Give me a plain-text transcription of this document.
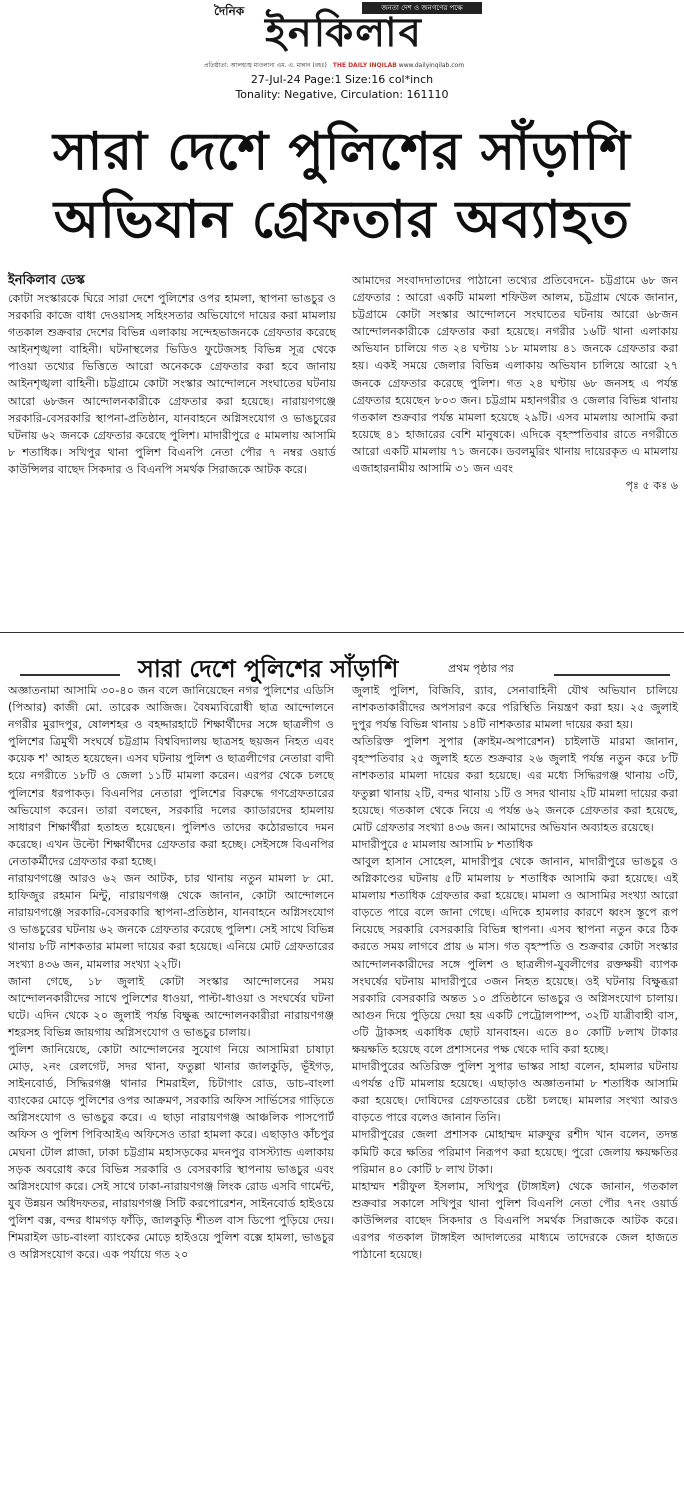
দৈনিক	জনতা দেশ ও জনগণের পক্ষে
ইনকিলাব
প্রতিষ্ঠাতা: আলহাজ্ব মাওলানা এম. এ. মান্নান (রহঃ) THE DAILY INQILAB www.dailyinqilab.com
27-Jul-24 Page:1 Size:16 col*inch
Tonality: Negative, Circulation: 161110
সারা দেশে পুলিশের সাঁড়াশি
অভিযান গ্রেফতার অব্যাহত
ইনকিলাব ডেস্ক

কোটা সংস্কারকে ঘিরে সারা দেশে পুলিশের ওপর হামলা, স্থাপনা ভাঙচুর ও সরকারি কাজে বাধা দেওয়াসহ সহিংসতার অভিযোগে দায়ের করা মামলায় গতকাল শুক্রবার দেশের বিভিন্ন এলাকায় সন্দেহভাজনকে গ্রেফতার করেছে আইনশৃঙ্খলা বাহিনী। ঘটনাস্থলের ভিডিও ফুটেজসহ বিভিন্ন সূত্র থেকে পাওয়া তথ্যের ভিত্তিতে আরো অনেককে গ্রেফতার করা হবে জানায় আইনশৃঙ্খলা বাহিনী। চট্টগ্রামে কোটা সংস্কার আন্দোলনে সংঘাতের ঘটনায় আরো ৬৮জন আন্দোলনকারীকে গ্রেফতার করা হয়েছে। নারায়ণগঞ্জে সরকারি-বেসরকারি স্থাপনা-প্রতিষ্ঠান, যানবাহনে অগ্নিসংযোগ ও ভাঙচুরের ঘটনায় ৬২ জনকে গ্রেফতার করেছে পুলিশ। মাদারীপুরে ৫ মামলায় আসামি ৮ শতাধিক। সখিপুর থানা পুলিশ বিএনপি নেতা পৌর ৭ নম্বর ওয়ার্ড কাউন্সিলর বাছেদ সিকদার ও বিএনপি সমর্থক সিরাজকে আটক করে।

আমাদের সংবাদদাতাদের পাঠানো তথ্যের প্রতিবেদনে- চট্টগ্রামে ৬৮ জন গ্রেফতার : আরো একটি মামলা শফিউল আলম, চট্টগ্রাম থেকে জানান, চট্টগ্রামে কোটা সংস্কার আন্দোলনে সংঘাতের ঘটনায় আরো ৬৮জন আন্দোলনকারীকে গ্রেফতার করা হয়েছে। নগরীর ১৬টি থানা এলাকায় অভিযান চালিয়ে গত ২৪ ঘণ্টায় ১৮ মামলায় ৪১ জনকে গ্রেফতার করা হয়। একই সময়ে জেলার বিভিন্ন এলাকায় অভিযান চালিয়ে আরো ২৭ জনকে গ্রেফতার করেছে পুলিশ। গত ২৪ ঘণ্টায় ৬৮ জনসহ এ পর্যন্ত গ্রেফতার হয়েছেন ৮০৩ জন। চট্টগ্রাম মহানগরীর ও জেলার বিভিন্ন থানায় গতকাল শুক্রবার পর্যন্ত মামলা হয়েছে ২৯টি। এসব মামলায় আসামি করা হয়েছে ৪১ হাজারের বেশি মানুষকে। এদিকে বৃহস্পতিবার রাতে নগরীতে আরো একটি মামলায় ৭১ জনকে। ডবলমুরিং থানায় দায়েরকৃত এ মামলায় এজাহারনামীয় আসামি ৩১ জন এবং

পৃঃ ৫ কঃ ৬
সারা দেশে পুলিশের সাঁড়াশি	প্রথম পৃষ্ঠার পর

অজ্ঞাতনামা আসামি ৩০-৪০ জন বলে জানিয়েছেন নগর পুলিশের এডিসি (পিআর) কাজী মো. তারেক আজিজ। বৈষম্যবিরোধী ছাত্র আন্দোলনে নগরীর মুরাদপুর, ষোলশহর ও বহদ্দারহাটে শিক্ষার্থীদের সঙ্গে ছাত্রলীগ ও পুলিশের ত্রিমুখী সংঘর্ষে চট্টগ্রাম বিশ্ববিদ্যালয় ছাত্রসহ ছয়জন নিহত এবং কয়েক শ' আহত হয়েছেন। এসব ঘটনায় পুলিশ ও ছাত্রলীগের নেতারা বাদী হয়ে নগরীতে ১৮টি ও জেলা ১১টি মামলা করেন। এরপর থেকে চলছে পুলিশের ধরপাকড়। বিএনপির নেতারা পুলিশের বিরুদ্ধে গণগ্রেফতারের অভিযোগ করেন। তারা বলছেন, সরকারি দলের ক্যাডারদের হামলায় সাধারণ শিক্ষার্থীরা হতাহত হয়েছেন। পুলিশও তাদের কঠোরভাবে দমন করেছে। এখন উল্টো শিক্ষার্থীদের গ্রেফতার করা হচ্ছে। সেইসঙ্গে বিএনপির নেতাকর্মীদের গ্রেফতার করা হচ্ছে।

নারায়ণগঞ্জে আরও ৬২ জন আটক, চার থানায় নতুন মামলা ৮ মো. হাফিজুর রহমান মিন্টু, নারায়ণগঞ্জ থেকে জানান, কোটা আন্দোলনে নারায়ণগঞ্জে সরকারি-বেসরকারি স্থাপনা-প্রতিষ্ঠান, যানবাহনে অগ্নিসংযোগ ও ভাঙচুরের ঘটনায় ৬২ জনকে গ্রেফতার করেছে পুলিশ। সেই সাথে বিভিন্ন থানায় ৮টি নাশকতার মামলা দায়ের করা হয়েছে। এনিয়ে মোট গ্রেফতারের সংখ্যা ৪৩৬ জন, মামলার সংখ্যা ২২টি।

জানা গেছে, ১৮ জুলাই কোটা সংস্কার আন্দোলনের সময় আন্দোলনকারীদের সাথে পুলিশের ধাওয়া, পাল্টা-ধাওয়া ও সংঘর্ষের ঘটনা ঘটে। এদিন থেকে ২০ জুলাই পর্যন্ত বিক্ষুব্ধ আন্দোলনকারীরা নারায়ণগঞ্জ শহরসহ বিভিন্ন জায়গায় অগ্নিসংযোগ ও ভাঙচুর চালায়।

পুলিশ জানিয়েছে, কোটা আন্দোলনের সুযোগ নিয়ে আসামিরা চাষাঢ়া মোড়, ২নং রেলগেট, সদর থানা, ফতুল্লা থানার জালকুড়ি, ভূঁইগড়, সাইনবোর্ড, সিদ্ধিরগঞ্জ থানার শিমরাইল, চিটাগাং রোড, ডাচ-বাংলা ব্যাংকের মোড়ে পুলিশের ওপর আক্রমণ, সরকারি অফিস সার্ভিসের গাড়িতে অগ্নিসংযোগ ও ভাঙচুর করে। এ ছাড়া নারায়ণগঞ্জ আঞ্চলিক পাসপোর্ট অফিস ও পুলিশ পিবিআইএ অফিসেও তারা হামলা করে। এছাড়াও কাঁচপুর মেঘনা টোল প্লাজা, ঢাকা চট্টগ্রাম মহাসড়কের মদনপুর বাসস্ট্যান্ড এলাকায় সড়ক অবরোধ করে বিভিন্ন সরকারি ও বেসরকারি স্থাপনায় ভাঙচুর এবং অগ্নিসংযোগ করে। সেই সাথে ঢাকা-নারায়ণগঞ্জ লিংক রোড এসবি গার্মেন্ট, যুব উন্নয়ন অধিদফতর, নারায়ণগঞ্জ সিটি করপোরেশন, সাইনবোর্ড হাইওয়ে পুলিশ বক্স, বন্দর ধামগড় ফাঁড়ি, জালকুড়ি শীতল বাস ডিপো পুড়িয়ে দেয়। শিমরাইল ডাচ-বাংলা ব্যাংকের মোড়ে হাইওয়ে পুলিশ বক্সে হামলা, ভাঙচুর ও অগ্নিসংযোগ করে। এক পর্যায়ে গত ২০

জুলাই পুলিশ, বিজিবি, র‍্যাব, সেনাবাহিনী যৌথ অভিযান চালিয়ে নাশকতাকারীদের অপসারণ করে পরিস্থিতি নিয়ন্ত্রণ করা হয়। ২৫ জুলাই দুপুর পর্যন্ত বিভিন্ন থানায় ১৪টি নাশকতার মামলা দায়ের করা হয়।

অতিরিক্ত পুলিশ সুপার (ক্রাইম-অপারেশন) চাইলাউ মারমা জানান, বৃহস্পতিবার ২৫ জুলাই হতে শুক্রবার ২৬ জুলাই পর্যন্ত নতুন করে ৮টি নাশকতার মামলা দায়ের করা হয়েছে। এর মধ্যে সিদ্ধিরগঞ্জ থানায় ৩টি, ফতুল্লা থানায় ২টি, বন্দর থানায় ১টি ও সদর থানায় ২টি মামলা দায়ের করা হয়েছে। গতকাল থেকে নিয়ে এ পর্যন্ত ৬২ জনকে গ্রেফতার করা হয়েছে, মোট গ্রেফতার সংখ্যা ৪৩৬ জন। আমাদের অভিযান অব্যাহত রয়েছে।

মাদারীপুরে ৫ মামলায় আসামি ৮ শতাধিক

আবুল হাসান সোহেল, মাদারীপুর থেকে জানান, মাদারীপুরে ভাঙচুর ও অগ্নিকাণ্ডের ঘটনায় ৫টি মামলায় ৮ শতাধিক আসামি করা হয়েছে। এই মামলায় শতাধিক গ্রেফতার করা হয়েছে। মামলা ও আসামির সংখ্যা আরো বাড়তে পারে বলে জানা গেছে। এদিকে হামলার কারণে ধ্বংস স্তূপে রূপ নিয়েছে সরকারি বেসরকারি বিভিন্ন স্থাপনা। এসব স্থাপনা নতুন করে ঠিক করতে সময় লাগবে প্রায় ৬ মাস। গত বৃহস্পতি ও শুক্রবার কোটা সংস্কার আন্দোলনকারীদের সঙ্গে পুলিশ ও ছাত্রলীগ-যুবলীগের রক্তক্ষয়ী ব্যাপক সংঘর্ষের ঘটনায় মাদারীপুরে ৩জন নিহত হয়েছে। ওই ঘটনায় বিক্ষুব্ধরা সরকারি বেসরকারি অন্তত ১০ প্রতিষ্ঠানে ভাঙচুর ও অগ্নিসংযোগ চালায়। আগুন দিয়ে পুড়িয়ে দেয়া হয় একটি পেট্রোলপাম্প, ৩২টি যাত্রীবাহী বাস, ৩টি ট্রাকসহ একাধিক ছোট যানবাহন। এতে ৪০ কোটি ৮লাখ টাকার ক্ষয়ক্ষতি হয়েছে বলে প্রশাসনের পক্ষ থেকে দাবি করা হচ্ছে।

মাদারীপুরের অতিরিক্ত পুলিশ সুপার ভাস্কর সাহা বলেন, হামলার ঘটনায় এপর্যন্ত ৫টি মামলায় হয়েছে। এছাড়াও অজ্ঞাতনামা ৮ শতাধিক আসামি করা হয়েছে। দোষিদের গ্রেফতারের চেষ্টা চলছে। মামলার সংখ্যা আরও বাড়তে পারে বলেও জানান তিনি।

মাদারীপুরের জেলা প্রশাসক মোহাম্মদ মারুফুর রশীদ খান বলেন, তদন্ত কমিটি করে ক্ষতির পরিমাণ নিরূপণ করা হয়েছে। পুরো জেলায় ক্ষয়ক্ষতির পরিমান ৪০ কোটি ৮ লাখ টাকা।

মাহাম্মদ শরীফুল ইসলাম, সখিপুর (টাঙ্গাইল) থেকে জানান, গতকাল শুক্রবার সকালে সখিপুর থানা পুলিশ বিএনপি নেতা পৌর ৭নং ওয়ার্ড কাউন্সিলর বাছেদ সিকদার ও বিএনপি সমর্থক সিরাজকে আটক করে। এরপর গতকাল টাঙ্গাইল আদালতের মাধ্যমে তাদেরকে জেল হাজতে পাঠানো হয়েছে।
